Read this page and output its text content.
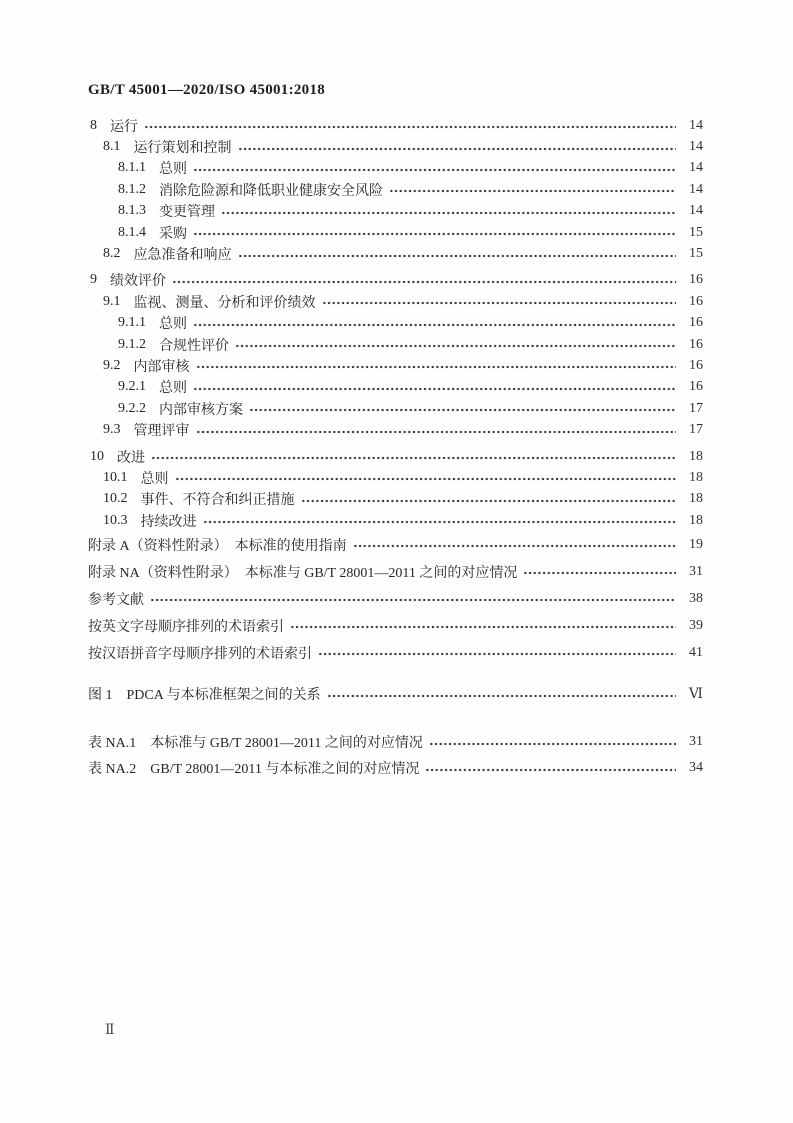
GB/T 45001—2020/ISO 45001:2018
8 运行	14
8.1 运行策划和控制	14
8.1.1 总则	14
8.1.2 消除危险源和降低职业健康安全风险	14
8.1.3 变更管理	14
8.1.4 采购	15
8.2 应急准备和响应	15
9 绩效评价	16
9.1 监视、测量、分析和评价绩效	16
9.1.1 总则	16
9.1.2 合规性评价	16
9.2 内部审核	16
9.2.1 总则	16
9.2.2 内部审核方案	17
9.3 管理评审	17
10 改进	18
10.1 总则	18
10.2 事件、不符合和纠正措施	18
10.3 持续改进	18
附录 A（资料性附录）　本标准的使用指南	19
附录 NA（资料性附录）　本标准与 GB/T 28001—2011 之间的对应情况	31
参考文献	38
按英文字母顺序排列的术语索引	39
按汉语拼音字母顺序排列的术语索引	41
图 1　PDCA 与本标准框架之间的关系	Ⅵ
表 NA.1　本标准与 GB/T 28001—2011 之间的对应情况	31
表 NA.2　GB/T 28001—2011 与本标准之间的对应情况	34
Ⅱ
